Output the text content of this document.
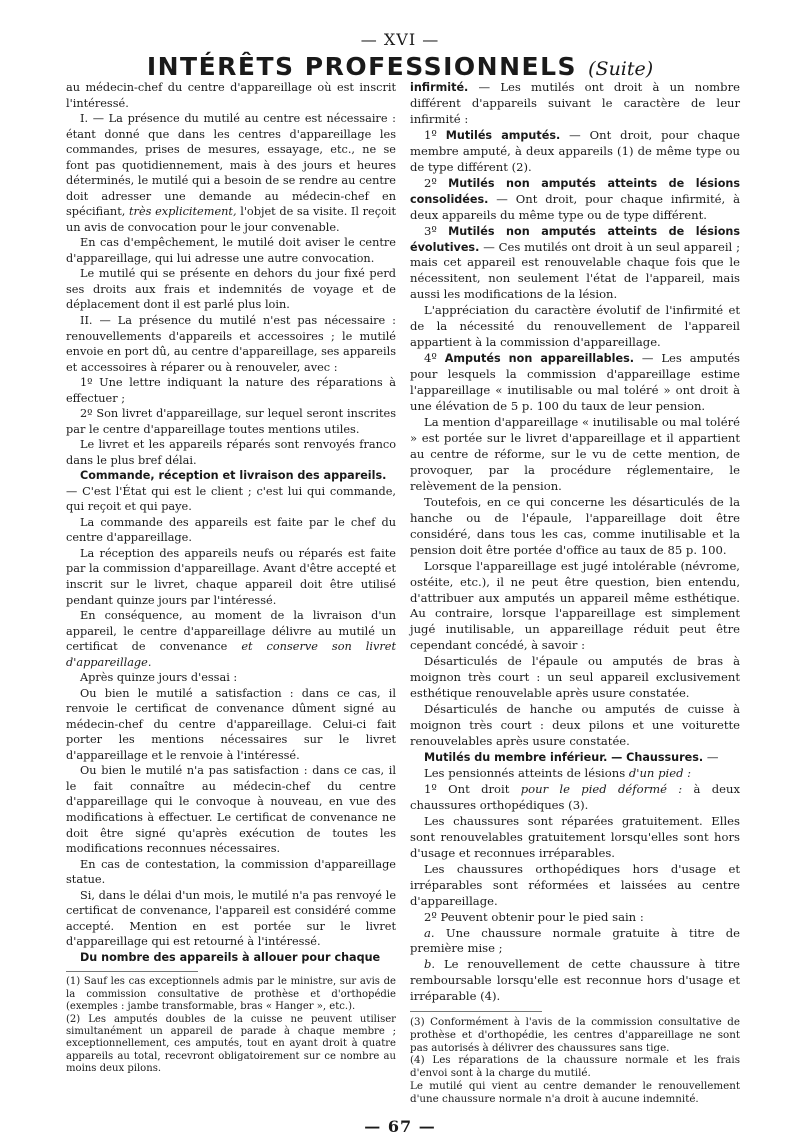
— XVI —
INTÉRÊTS PROFESSIONNELS (Suite)

au médecin-chef du centre d'appareillage où est inscrit l'intéressé.

I. — La présence du mutilé au centre est nécessaire : étant donné que dans les centres d'appareillage les commandes, prises de mesures, essayage, etc., ne se font pas quotidiennement, mais à des jours et heures déterminés, le mutilé qui a besoin de se rendre au centre doit adresser une demande au médecin-chef en spécifiant, très explicitement, l'objet de sa visite. Il reçoit un avis de convocation pour le jour convenable.

En cas d'empêchement, le mutilé doit aviser le centre d'appareillage, qui lui adresse une autre convocation.

Le mutilé qui se présente en dehors du jour fixé perd ses droits aux frais et indemnités de voyage et de déplacement dont il est parlé plus loin.

II. — La présence du mutilé n'est pas nécessaire : renouvellements d'appareils et accessoires ; le mutilé envoie en port dû, au centre d'appareillage, ses appareils et accessoires à réparer ou à renouveler, avec :

1º Une lettre indiquant la nature des réparations à effectuer ;

2º Son livret d'appareillage, sur lequel seront inscrites par le centre d'appareillage toutes mentions utiles.

Le livret et les appareils réparés sont renvoyés franco dans le plus bref délai.

Commande, réception et livraison des appareils.

— C'est l'État qui est le client ; c'est lui qui commande, qui reçoit et qui paye.

La commande des appareils est faite par le chef du centre d'appareillage.

La réception des appareils neufs ou réparés est faite par la commission d'appareillage. Avant d'être accepté et inscrit sur le livret, chaque appareil doit être utilisé pendant quinze jours par l'intéressé.

En conséquence, au moment de la livraison d'un appareil, le centre d'appareillage délivre au mutilé un certificat de convenance et conserve son livret d'appareillage.

Après quinze jours d'essai :

Ou bien le mutilé a satisfaction : dans ce cas, il renvoie le certificat de convenance dûment signé au médecin-chef du centre d'appareillage. Celui-ci fait porter les mentions nécessaires sur le livret d'appareillage et le renvoie à l'intéressé.

Ou bien le mutilé n'a pas satisfaction : dans ce cas, il le fait connaître au médecin-chef du centre d'appareillage qui le convoque à nouveau, en vue des modifications à effectuer. Le certificat de convenance ne doit être signé qu'après exécution de toutes les modifications reconnues nécessaires.

En cas de contestation, la commission d'appareillage statue.

Si, dans le délai d'un mois, le mutilé n'a pas renvoyé le certificat de convenance, l'appareil est considéré comme accepté. Mention en est portée sur le livret d'appareillage qui est retourné à l'intéressé.

Du nombre des appareils à allouer pour chaque

(1) Sauf les cas exceptionnels admis par le ministre, sur avis de la commission consultative de prothèse et d'orthopédie (exemples : jambe transformable, bras « Hanger », etc.).

(2) Les amputés doubles de la cuisse ne peuvent utiliser simultanément un appareil de parade à chaque membre ; exceptionnellement, ces amputés, tout en ayant droit à quatre appareils au total, recevront obligatoirement sur ce nombre au moins deux pilons.

infirmité. — Les mutilés ont droit à un nombre différent d'appareils suivant le caractère de leur infirmité :

1º Mutilés amputés. — Ont droit, pour chaque membre amputé, à deux appareils (1) de même type ou de type différent (2).

2º Mutilés non amputés atteints de lésions consolidées. — Ont droit, pour chaque infirmité, à deux appareils du même type ou de type différent.

3º Mutilés non amputés atteints de lésions évolutives. — Ces mutilés ont droit à un seul appareil ; mais cet appareil est renouvelable chaque fois que le nécessitent, non seulement l'état de l'appareil, mais aussi les modifications de la lésion.

L'appréciation du caractère évolutif de l'infirmité et de la nécessité du renouvellement de l'appareil appartient à la commission d'appareillage.

4º Amputés non appareillables. — Les amputés pour lesquels la commission d'appareillage estime l'appareillage « inutilisable ou mal toléré » ont droit à une élévation de 5 p. 100 du taux de leur pension.

La mention d'appareillage « inutilisable ou mal toléré » est portée sur le livret d'appareillage et il appartient au centre de réforme, sur le vu de cette mention, de provoquer, par la procédure réglementaire, le relèvement de la pension.

Toutefois, en ce qui concerne les désarticulés de la hanche ou de l'épaule, l'appareillage doit être considéré, dans tous les cas, comme inutilisable et la pension doit être portée d'office au taux de 85 p. 100.

Lorsque l'appareillage est jugé intolérable (névrome, ostéite, etc.), il ne peut être question, bien entendu, d'attribuer aux amputés un appareil même esthétique. Au contraire, lorsque l'appareillage est simplement jugé inutilisable, un appareillage réduit peut être cependant concédé, à savoir :

Désarticulés de l'épaule ou amputés de bras à moignon très court : un seul appareil exclusivement esthétique renouvelable après usure constatée.

Désarticulés de hanche ou amputés de cuisse à moignon très court : deux pilons et une voiturette renouvelables après usure constatée.

Mutilés du membre inférieur. — Chaussures. —

Les pensionnés atteints de lésions d'un pied :

1º Ont droit pour le pied déformé : à deux chaussures orthopédiques (3).

Les chaussures sont réparées gratuitement. Elles sont renouvelables gratuitement lorsqu'elles sont hors d'usage et reconnues irréparables.

Les chaussures orthopédiques hors d'usage et irréparables sont réformées et laissées au centre d'appareillage.

2º Peuvent obtenir pour le pied sain :

a. Une chaussure normale gratuite à titre de première mise ;

b. Le renouvellement de cette chaussure à titre remboursable lorsqu'elle est reconnue hors d'usage et irréparable (4).

(3) Conformément à l'avis de la commission consultative de prothèse et d'orthopédie, les centres d'appareillage ne sont pas autorisés à délivrer des chaussures sans tige.

(4) Les réparations de la chaussure normale et les frais d'envoi sont à la charge du mutilé.

Le mutilé qui vient au centre demander le renouvellement d'une chaussure normale n'a droit à aucune indemnité.

— 67 —
